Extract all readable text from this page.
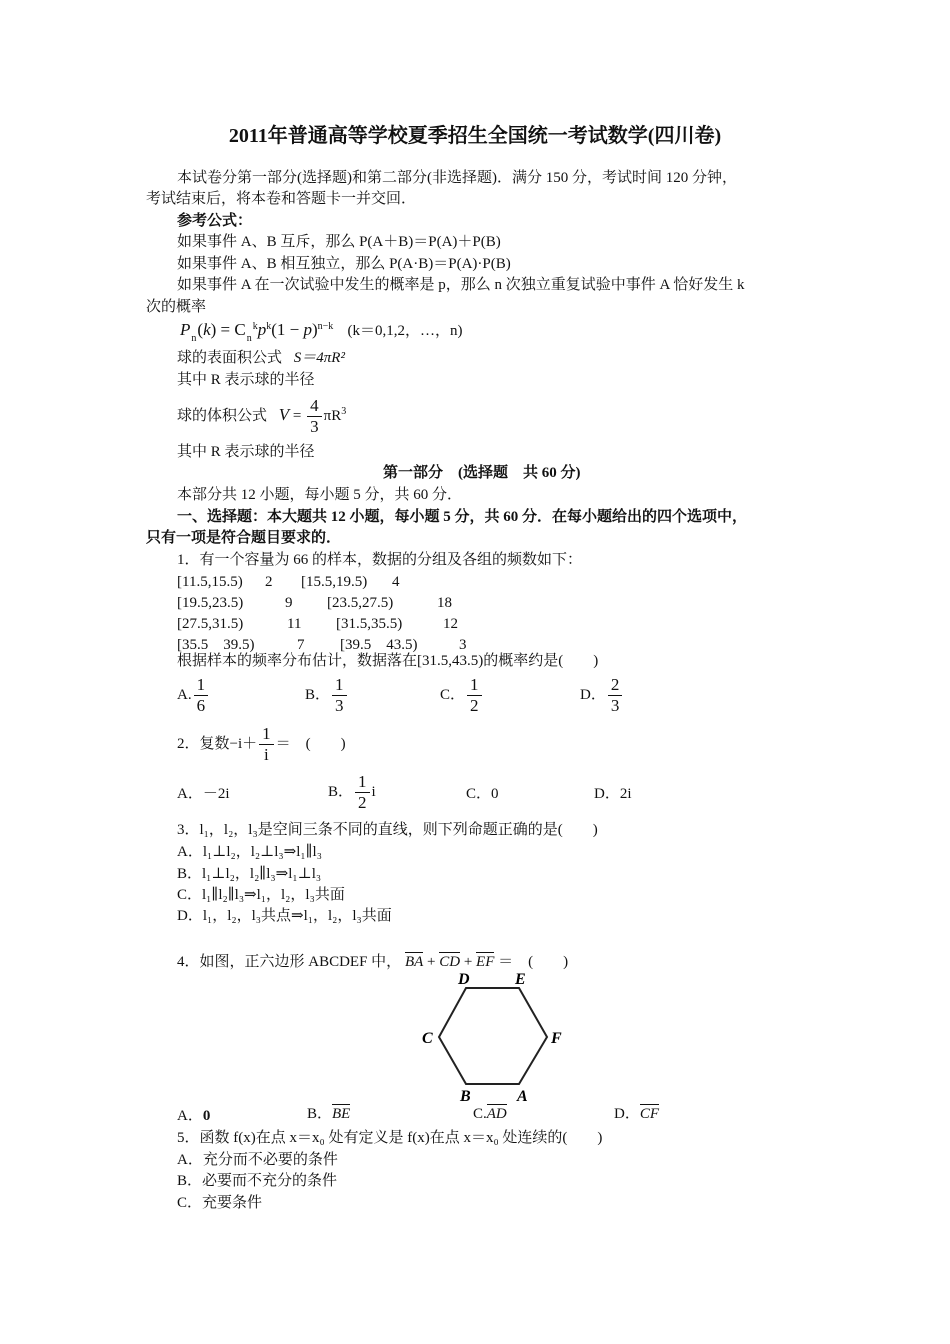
2011年普通高等学校夏季招生全国统一考试数学(四川卷)
本试卷分第一部分(选择题)和第二部分(非选择题)．满分 150 分，考试时间 120 分钟，
考试结束后，将本卷和答题卡一并交回．
参考公式：
如果事件 A、B 互斥，那么 P(A＋B)＝P(A)＋P(B)
如果事件 A、B 相互独立，那么 P(A·B)＝P(A)·P(B)
如果事件 A 在一次试验中发生的概率是 p，那么 n 次独立重复试验中事件 A 恰好发生 k
次的概率
$P_n(k) = C_n^kp^k(1 - p)^{n-k}$ (k＝0,1,2，…，n)
球的表面积公式 S＝4πR²
其中 R 表示球的半径
球的体积公式 $V = \frac{4}{3} \pi R^3$
其中 R 表示球的半径
第一部分　(选择题　共 60 分)
本部分共 12 小题，每小题 5 分，共 60 分．
一、选择题：本大题共 12 小题，每小题 5 分，共 60 分．在每小题给出的四个选项中，
只有一项是符合题目要求的．
1．有一个容量为 66 的样本，数据的分组及各组的频数如下：
[11.5,15.5) 2 [15.5,19.5) 4
[19.5,23.5)	9 [23.5,27.5)	18
[27.5,31.5)	11 [31.5,35.5)	12
[35.5　39.5)	7 [39.5　43.5)	3
根据样本的频率分布估计，数据落在[31.5,43.5)的概率约是(　　)
A. $\frac{1}{6}$	B． $\frac{1}{3}$	C． $\frac{1}{2}$	D． $\frac{2}{3}$
2．复数$-i+ \frac{1}{i}$ ＝　(　　)
A．－2i	B． $\frac{1}{2}$ i	C．0	D．2i
3．l₁，l₂，l₃是空间三条不同的直线，则下列命题正确的是(　　)
A．l₁⊥l₂，l₂⊥l₃⇒l₁∥l₃
B．l₁⊥l₂，l₂∥l₃⇒l₁⊥l₃
C．l₁∥l₂∥l₃⇒l₁，l₂，l₃共面
D．l₁，l₂，l₃共点⇒l₁，l₂，l₃共面
4．如图，正六边形 ABCDEF 中， BA + CD + EF ＝　(　　)
D	E
C	F
B	A
A．0	B．BE	C.AD	D．CF
5．函数 f(x)在点 x＝x₀ 处有定义是 f(x)在点 x＝x₀ 处连续的(　　)
A．充分而不必要的条件
B．必要而不充分的条件
C．充要条件
